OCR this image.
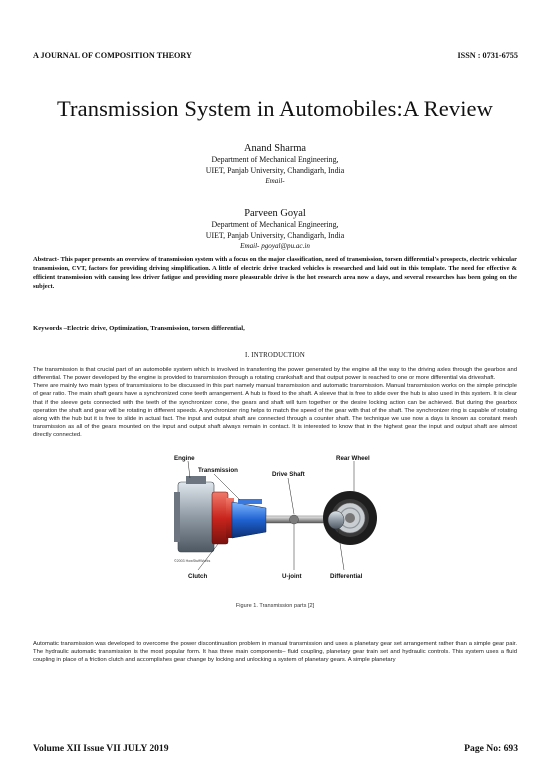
A JOURNAL OF COMPOSITION THEORY	ISSN : 0731-6755
Transmission System in Automobiles:A Review
Anand Sharma
Department of Mechanical Engineering,
UIET, Panjab University, Chandigarh, India
Email-
Parveen Goyal
Department of Mechanical Engineering,
UIET, Panjab University, Chandigarh, India
Email- pgoyal@pu.ac.in
Abstract- This paper presents an overview of transmission system with a focus on the major classification, need of transmission, torsen differential's prospects, electric vehicular transmission, CVT, factors for providing driving simplification. A little of electric drive tracked vehicles is researched and laid out in this template. The need for effective & efficient transmission with causing less driver fatigue and providing more pleasurable drive is the hot research area now a days, and several researches has been going on the subject.
Keywords –Electric drive, Optimization, Transmission, torsen differential,
I. INTRODUCTION

The transmission is that crucial part of an automobile system which is involved in transferring the power generated by the engine all the way to the driving axles through the gearbox and differential. The power developed by the engine is provided to transmission through a rotating crankshaft and that output power is reached to one or more differential via driveshaft.

There are mainly two main types of transmissions to be discussed in this part namely manual transmission and automatic transmission. Manual transmission works on the simple principle of gear ratio. The main shaft gears have a synchronized cone teeth arrangement. A hub is fixed to the shaft. A sleeve that is free to slide over the hub is also used in this system. It is clear that if the sleeve gets connected with the teeth of the synchronizer cone, the gears and shaft will turn together or the desire locking action can be achieved. But during the gearbox operation the shaft and gear will be rotating in different speeds. A synchronizer ring helps to match the speed of the gear with that of the shaft. The synchronizer ring is capable of rotating along with the hub but it is free to slide in actual fact. The input and output shaft are connected through a counter shaft. The technique we use now a days is known as constant mesh transmission as all of the gears mounted on the input and output shaft always remain in contact. It is interested to know that in the highest gear the input and output shaft are almost directly connected.

Engine
Transmission
Drive Shaft
Rear Wheel
Clutch	U-joint	Differential
©2003 HowStuffWorks
Figure 1. Transmission parts [2]

Automatic transmission was developed to overcome the power discontinuation problem in manual transmission and uses a planetary gear set arrangement rather than a simple gear pair. The hydraulic automatic transmission is the most popular form. It has three main components– fluid coupling, planetary gear train set and hydraulic controls. This system uses a fluid coupling in place of a friction clutch and accomplishes gear change by locking and unlocking a system of planetary gears. A simple planetary

Volume XII Issue VII JULY 2019	Page No: 693
